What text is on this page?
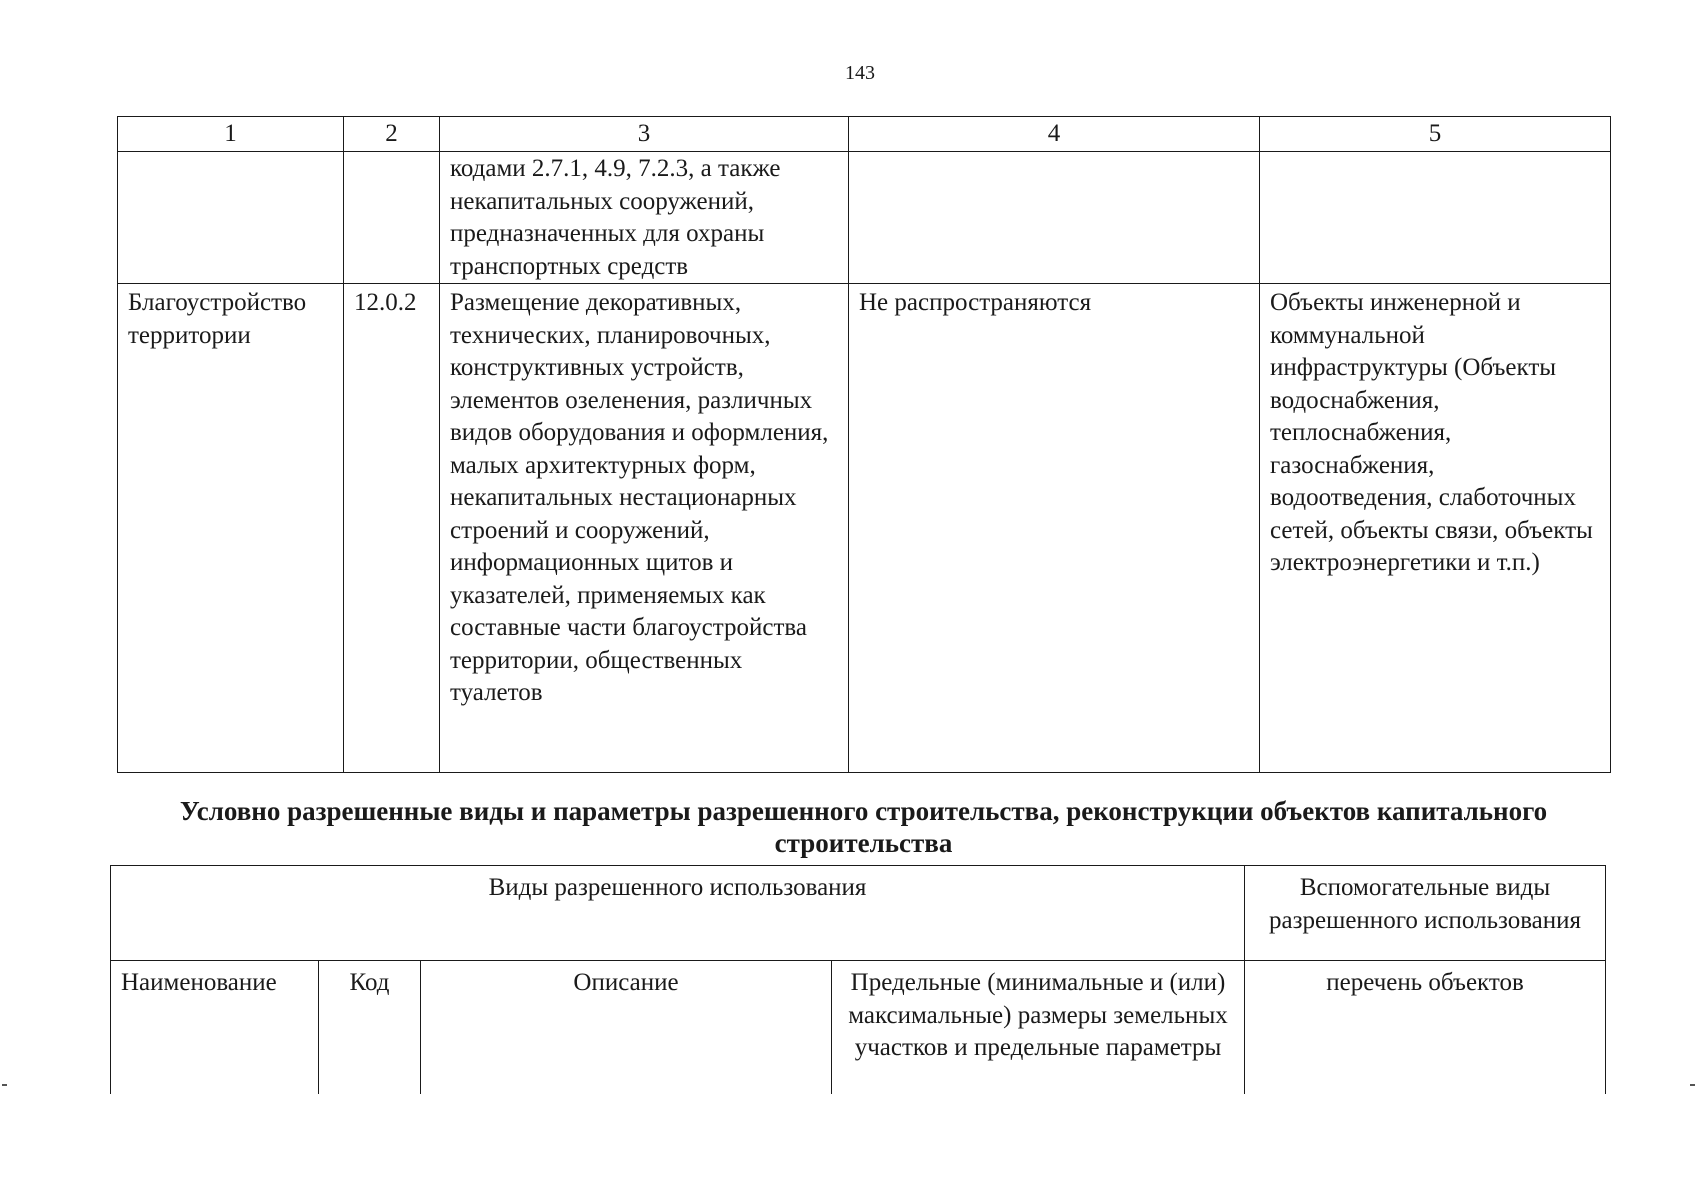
143
1	2	3	4	5
		кодами 2.7.1, 4.9, 7.2.3, а также некапитальных сооружений, предназначенных для охраны транспортных средств		
Благоустройство территории	12.0.2	Размещение декоративных, технических, планировочных, конструктивных устройств, элементов озеленения, различных видов оборудования и оформления, малых архитектурных форм, некапитальных нестационарных строений и сооружений, информационных щитов и указателей, применяемых как составные части благоустройства территории, общественных туалетов	Не распространяются	Объекты инженерной и коммунальной инфраструктуры (Объекты водоснабжения, теплоснабжения, газоснабжения, водоотведения, слаботочных сетей, объекты связи, объекты электроэнергетики и т.п.)
Условно разрешенные виды и параметры разрешенного строительства, реконструкции объектов капитального строительства
Виды разрешенного использования				Вспомогательные виды разрешенного использования
Наименование	Код	Описание	Предельные (минимальные и (или) максимальные) размеры земельных участков и предельные параметры	перечень объектов
